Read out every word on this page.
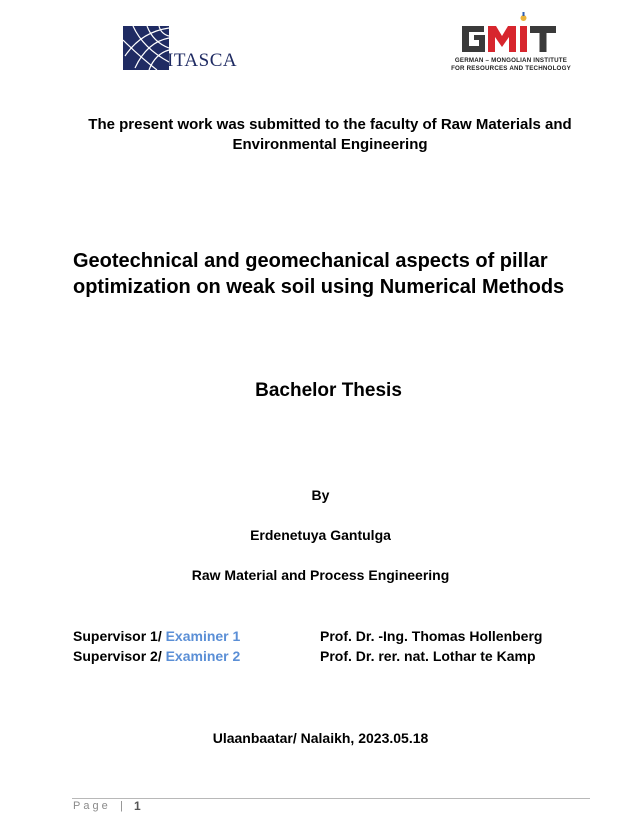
ITASCA	GERMAN – MONGOLIAN INSTITUTE
FOR RESOURCES AND TECHNOLOGY
The present work was submitted to the faculty of Raw Materials and Environmental Engineering
Geotechnical and geomechanical aspects of pillar optimization on weak soil using Numerical Methods
Bachelor Thesis
By
Erdenetuya Gantulga
Raw Material and Process Engineering
Supervisor 1/ Examiner 1	Prof. Dr. -Ing. Thomas Hollenberg
Supervisor 2/ Examiner 2	Prof. Dr. rer. nat. Lothar te Kamp
Ulaanbaatar/ Nalaikh, 2023.05.18
Page | 1
